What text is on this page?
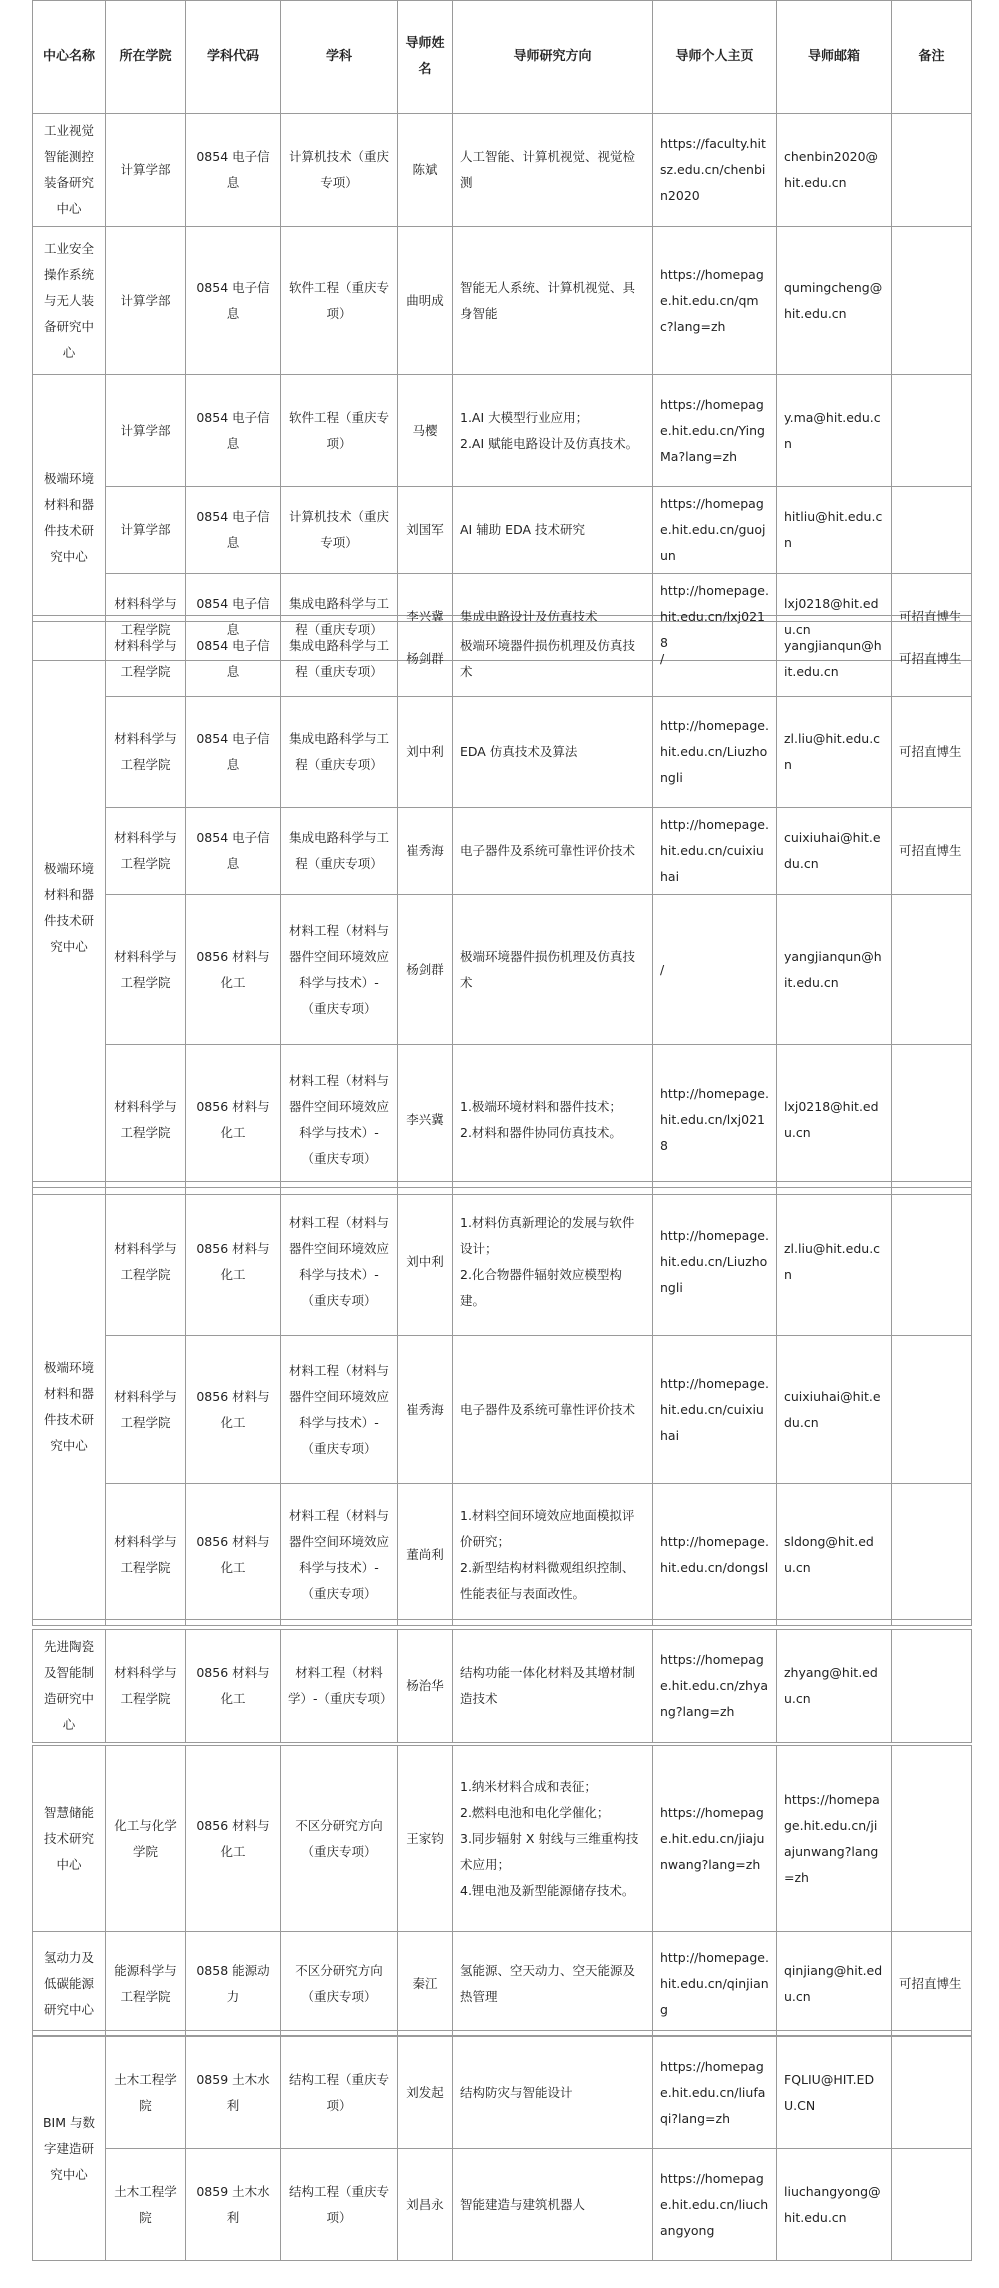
中心名称	所在学院	学科代码	学科	导师姓名	导师研究方向	导师个人主页	导师邮箱	备注
工业视觉智能测控装备研究中心	计算学部	0854 电子信息	计算机技术（重庆专项）	陈斌	人工智能、计算机视觉、视觉检测	https://faculty.hitsz.edu.cn/chenbin2020	chenbin2020@hit.edu.cn	
工业安全操作系统与无人装备研究中心	计算学部	0854 电子信息	软件工程（重庆专项）	曲明成	智能无人系统、计算机视觉、具身智能	https://homepage.hit.edu.cn/qmc?lang=zh	qumingcheng@hit.edu.cn	
极端环境材料和器件技术研究中心	计算学部	0854 电子信息	软件工程（重庆专项）	马樱	1.AI 大模型行业应用；
2.AI 赋能电路设计及仿真技术。	https://homepage.hit.edu.cn/YingMa?lang=zh	y.ma@hit.edu.cn	
	计算学部	0854 电子信息	计算机技术（重庆专项）	刘国军	AI 辅助 EDA 技术研究	https://homepage.hit.edu.cn/guojun	hitliu@hit.edu.cn	
	材料科学与工程学院	0854 电子信息	集成电路科学与工程（重庆专项）	李兴冀	集成电路设计及仿真技术	http://homepage.hit.edu.cn/lxj0218	lxj0218@hit.edu.cn	可招直博生
极端环境材料和器件技术研究中心	材料科学与工程学院	0854 电子信息	集成电路科学与工程（重庆专项）	杨剑群	极端环境器件损伤机理及仿真技术	/	yangjianqun@hit.edu.cn	可招直博生
	材料科学与工程学院	0854 电子信息	集成电路科学与工程（重庆专项）	刘中利	EDA 仿真技术及算法	http://homepage.hit.edu.cn/Liuzhongli	zl.liu@hit.edu.cn	可招直博生
	材料科学与工程学院	0854 电子信息	集成电路科学与工程（重庆专项）	崔秀海	电子器件及系统可靠性评价技术	http://homepage.hit.edu.cn/cuixiuhai	cuixiuhai@hit.edu.cn	可招直博生
	材料科学与工程学院	0856 材料与化工	材料工程（材料与器件空间环境效应科学与技术）-（重庆专项）	杨剑群	极端环境器件损伤机理及仿真技术	/	yangjianqun@hit.edu.cn	
	材料科学与工程学院	0856 材料与化工	材料工程（材料与器件空间环境效应科学与技术）-（重庆专项）	李兴冀	1.极端环境材料和器件技术；
2.材料和器件协同仿真技术。	http://homepage.hit.edu.cn/lxj0218	lxj0218@hit.edu.cn	
极端环境材料和器件技术研究中心	材料科学与工程学院	0856 材料与化工	材料工程（材料与器件空间环境效应科学与技术）-（重庆专项）	刘中利	1.材料仿真新理论的发展与软件设计；
2.化合物器件辐射效应模型构建。	http://homepage.hit.edu.cn/Liuzhongli	zl.liu@hit.edu.cn	
	材料科学与工程学院	0856 材料与化工	材料工程（材料与器件空间环境效应科学与技术）-（重庆专项）	崔秀海	电子器件及系统可靠性评价技术	http://homepage.hit.edu.cn/cuixiuhai	cuixiuhai@hit.edu.cn	
	材料科学与工程学院	0856 材料与化工	材料工程（材料与器件空间环境效应科学与技术）-（重庆专项）	董尚利	1.材料空间环境效应地面模拟评价研究；
2.新型结构材料微观组织控制、性能表征与表面改性。	http://homepage.hit.edu.cn/dongsl	sldong@hit.edu.cn	
先进陶瓷及智能制造研究中心	材料科学与工程学院	0856 材料与化工	材料工程（材料学）-（重庆专项）	杨治华	
结构功能一体化材料及其增材制造技术
	https://homepage.hit.edu.cn/zhyang?lang=zh	zhyang@hit.edu.cn	
智慧储能技术研究中心	化工与化学学院	0856 材料与化工	不区分研究方向（重庆专项）	王家钧	1.纳米材料合成和表征；
2.燃料电池和电化学催化；
3.同步辐射 X 射线与三维重构技术应用；
4.锂电池及新型能源储存技术。	https://homepage.hit.edu.cn/jiajunwang?lang=zh	https://homepage.hit.edu.cn/jiajunwang?lang=zh	
氢动力及低碳能源研究中心	能源科学与工程学院	0858 能源动力	不区分研究方向（重庆专项）	秦江	氢能源、空天动力、空天能源及热管理	http://homepage.hit.edu.cn/qinjiang	qinjiang@hit.edu.cn	可招直博生
BIM 与数字建造研究中心	土木工程学院	0859 土木水利	结构工程（重庆专项）	刘发起	结构防灾与智能设计	https://homepage.hit.edu.cn/liufaqi?lang=zh	FQLIU@HIT.EDU.CN	
	土木工程学院	0859 土木水利	结构工程（重庆专项）	刘昌永	智能建造与建筑机器人	https://homepage.hit.edu.cn/liuchangyong	liuchangyong@hit.edu.cn	
